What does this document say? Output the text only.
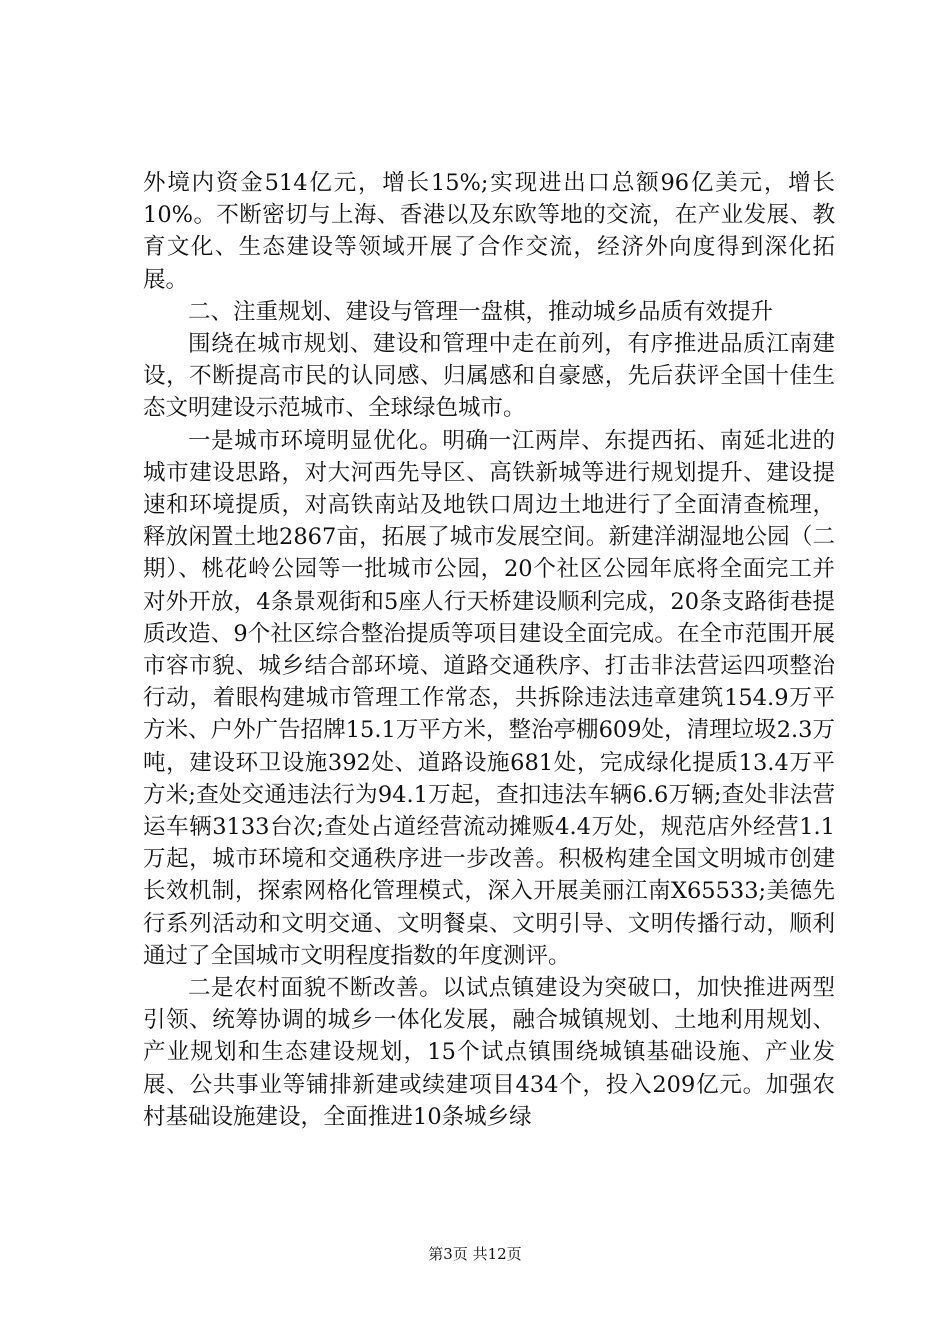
外境内资金514亿元，增长15%;实现进出口总额96亿美元，增长10%。不断密切与上海、香港以及东欧等地的交流，在产业发展、教育文化、生态建设等领域开展了合作交流，经济外向度得到深化拓展。

二、注重规划、建设与管理一盘棋，推动城乡品质有效提升

围绕在城市规划、建设和管理中走在前列，有序推进品质江南建设，不断提高市民的认同感、归属感和自豪感，先后获评全国十佳生态文明建设示范城市、全球绿色城市。

一是城市环境明显优化。明确一江两岸、东提西拓、南延北进的城市建设思路，对大河西先导区、高铁新城等进行规划提升、建设提速和环境提质，对高铁南站及地铁口周边土地进行了全面清查梳理，释放闲置土地2867亩，拓展了城市发展空间。新建洋湖湿地公园（二期）、桃花岭公园等一批城市公园，20个社区公园年底将全面完工并对外开放，4条景观街和5座人行天桥建设顺利完成，20条支路街巷提质改造、9个社区综合整治提质等项目建设全面完成。在全市范围开展市容市貌、城乡结合部环境、道路交通秩序、打击非法营运四项整治行动，着眼构建城市管理工作常态，共拆除违法违章建筑154.9万平方米、户外广告招牌15.1万平方米，整治亭棚609处，清理垃圾2.3万吨，建设环卫设施392处、道路设施681处，完成绿化提质13.4万平方米;查处交通违法行为94.1万起，查扣违法车辆6.6万辆;查处非法营运车辆3133台次;查处占道经营流动摊贩4.4万处，规范店外经营1.1万起，城市环境和交通秩序进一步改善。积极构建全国文明城市创建长效机制，探索网格化管理模式，深入开展美丽江南X65533;美德先行系列活动和文明交通、文明餐桌、文明引导、文明传播行动，顺利通过了全国城市文明程度指数的年度测评。

二是农村面貌不断改善。以试点镇建设为突破口，加快推进两型引领、统筹协调的城乡一体化发展，融合城镇规划、土地利用规划、产业规划和生态建设规划，15个试点镇围绕城镇基础设施、产业发展、公共事业等铺排新建或续建项目434个，投入209亿元。加强农村基础设施建设，全面推进10条城乡绿

第3页 共12页
